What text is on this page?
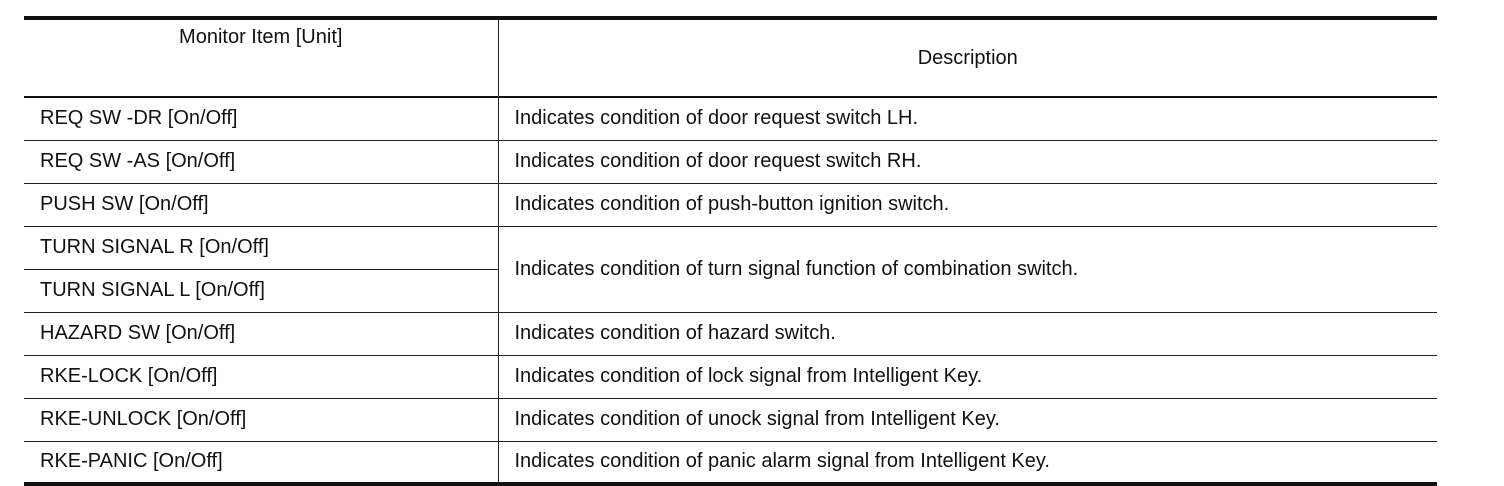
Monitor Item [Unit]	Description
REQ SW -DR [On/Off]	Indicates condition of door request switch LH.
REQ SW -AS [On/Off]	Indicates condition of door request switch RH.
PUSH SW [On/Off]	Indicates condition of push-button ignition switch.
TURN SIGNAL R [On/Off]	Indicates condition of turn signal function of combination switch.
TURN SIGNAL L [On/Off]	
HAZARD SW [On/Off]	Indicates condition of hazard switch.
RKE-LOCK [On/Off]	Indicates condition of lock signal from Intelligent Key.
RKE-UNLOCK [On/Off]	Indicates condition of unock signal from Intelligent Key.
RKE-PANIC [On/Off]	Indicates condition of panic alarm signal from Intelligent Key.
